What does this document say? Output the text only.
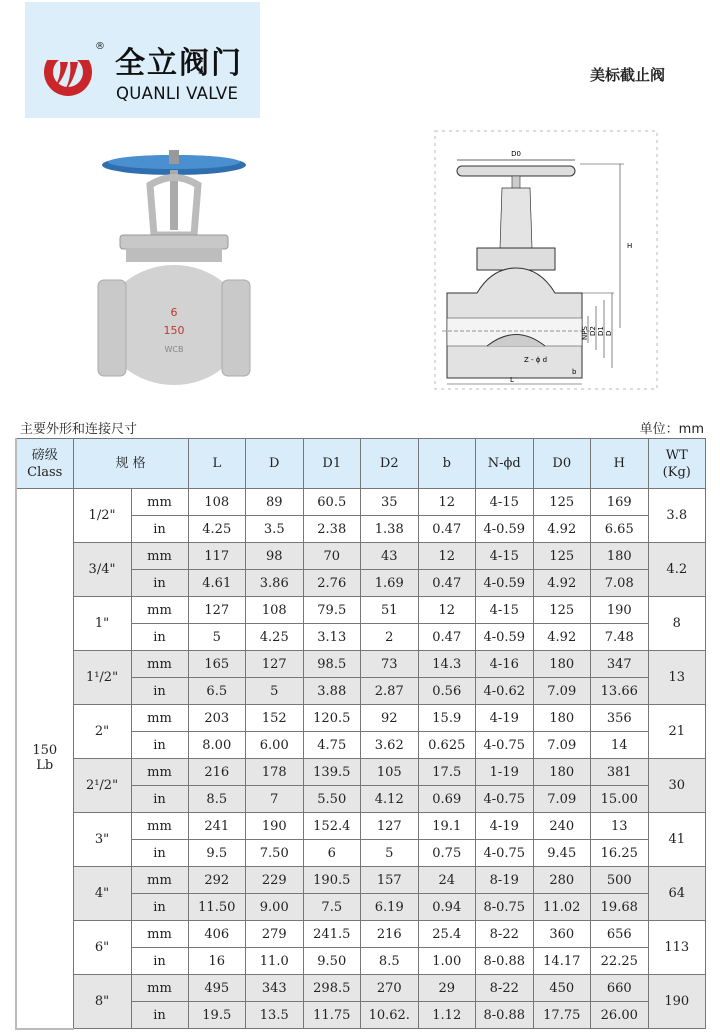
® 全立阀门
QUANLI VALVE
美标截止阀
6
150
WCB
D0
H
NPS D2 D1 D
Z - ϕ d
b
L
主要外形和连接尺寸	单位：mm
磅级
Class	规 格		L	D	D1	D2	b	N-ϕd	D0	H	WT
(Kg)
150
Lb	1/2"	mm	108	89	60.5	35	12	4-15	125	169	3.8
		in	4.25	3.5	2.38	1.38	0.47	4-0.59	4.92	6.65	
	3/4"	mm	117	98	70	43	12	4-15	125	180	4.2
		in	4.61	3.86	2.76	1.69	0.47	4-0.59	4.92	7.08	
	1"	mm	127	108	79.5	51	12	4-15	125	190	8
		in	5	4.25	3.13	2	0.47	4-0.59	4.92	7.48	
	1¹/2"	mm	165	127	98.5	73	14.3	4-16	180	347	13
		in	6.5	5	3.88	2.87	0.56	4-0.62	7.09	13.66	
	2"	mm	203	152	120.5	92	15.9	4-19	180	356	21
		in	8.00	6.00	4.75	3.62	0.625	4-0.75	7.09	14	
	2¹/2"	mm	216	178	139.5	105	17.5	1-19	180	381	30
		in	8.5	7	5.50	4.12	0.69	4-0.75	7.09	15.00	
	3"	mm	241	190	152.4	127	19.1	4-19	240	13	41
		in	9.5	7.50	6	5	0.75	4-0.75	9.45	16.25	
	4"	mm	292	229	190.5	157	24	8-19	280	500	64
		in	11.50	9.00	7.5	6.19	0.94	8-0.75	11.02	19.68	
	6"	mm	406	279	241.5	216	25.4	8-22	360	656	113
		in	16	11.0	9.50	8.5	1.00	8-0.88	14.17	22.25	
	8"	mm	495	343	298.5	270	29	8-22	450	660	190
		in	19.5	13.5	11.75	10.62.	1.12	8-0.88	17.75	26.00	
